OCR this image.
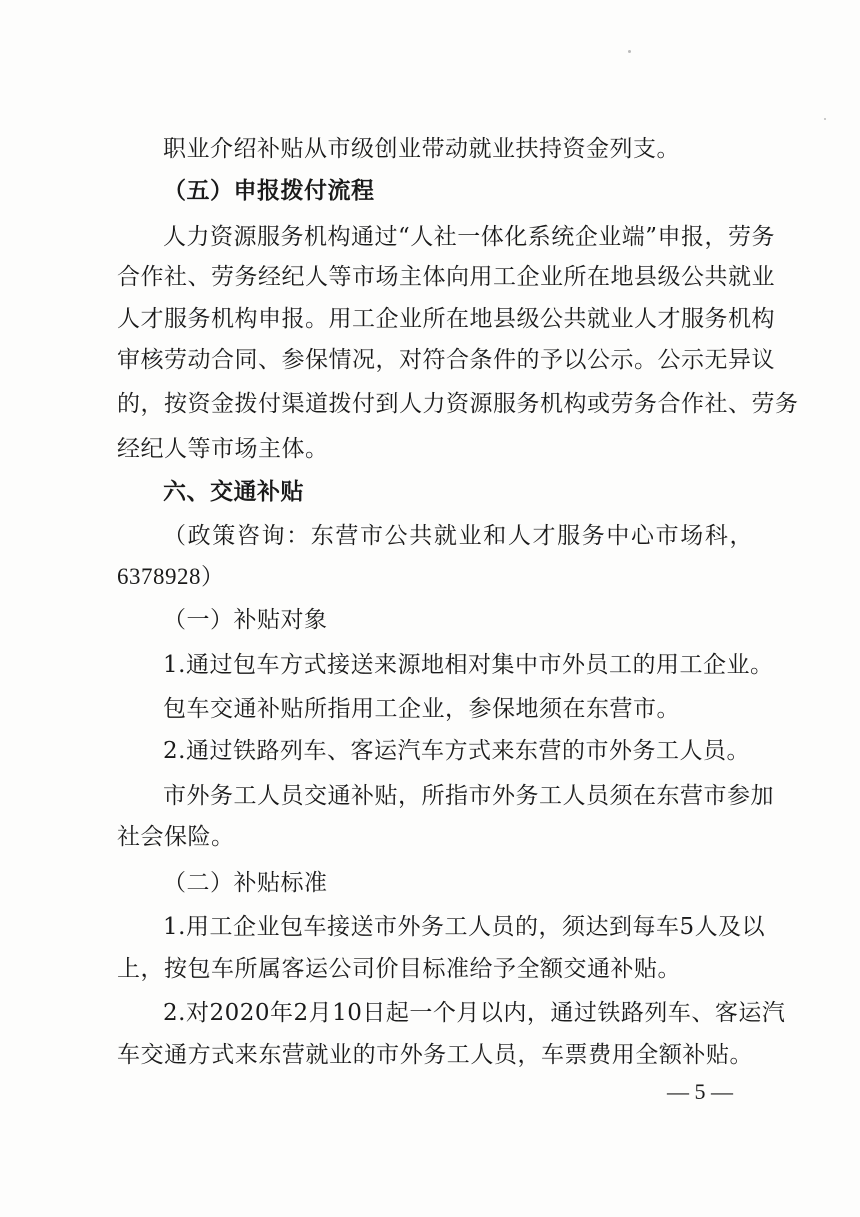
职业介绍补贴从市级创业带动就业扶持资金列支。
（五）申报拨付流程
人力资源服务机构通过“人社一体化系统企业端”申报，劳务
合作社、劳务经纪人等市场主体向用工企业所在地县级公共就业
人才服务机构申报。用工企业所在地县级公共就业人才服务机构
审核劳动合同、参保情况，对符合条件的予以公示。公示无异议
的，按资金拨付渠道拨付到人力资源服务机构或劳务合作社、劳务
经纪人等市场主体。
六、交通补贴
（政策咨询：东营市公共就业和人才服务中心市场科，
6378928）
（一）补贴对象
1.通过包车方式接送来源地相对集中市外员工的用工企业。
包车交通补贴所指用工企业，参保地须在东营市。
2.通过铁路列车、客运汽车方式来东营的市外务工人员。
市外务工人员交通补贴，所指市外务工人员须在东营市参加
社会保险。
（二）补贴标准
1.用工企业包车接送市外务工人员的，须达到每车5人及以
上，按包车所属客运公司价目标准给予全额交通补贴。
2.对2020年2月10日起一个月以内，通过铁路列车、客运汽
车交通方式来东营就业的市外务工人员，车票费用全额补贴。
— 5 —
